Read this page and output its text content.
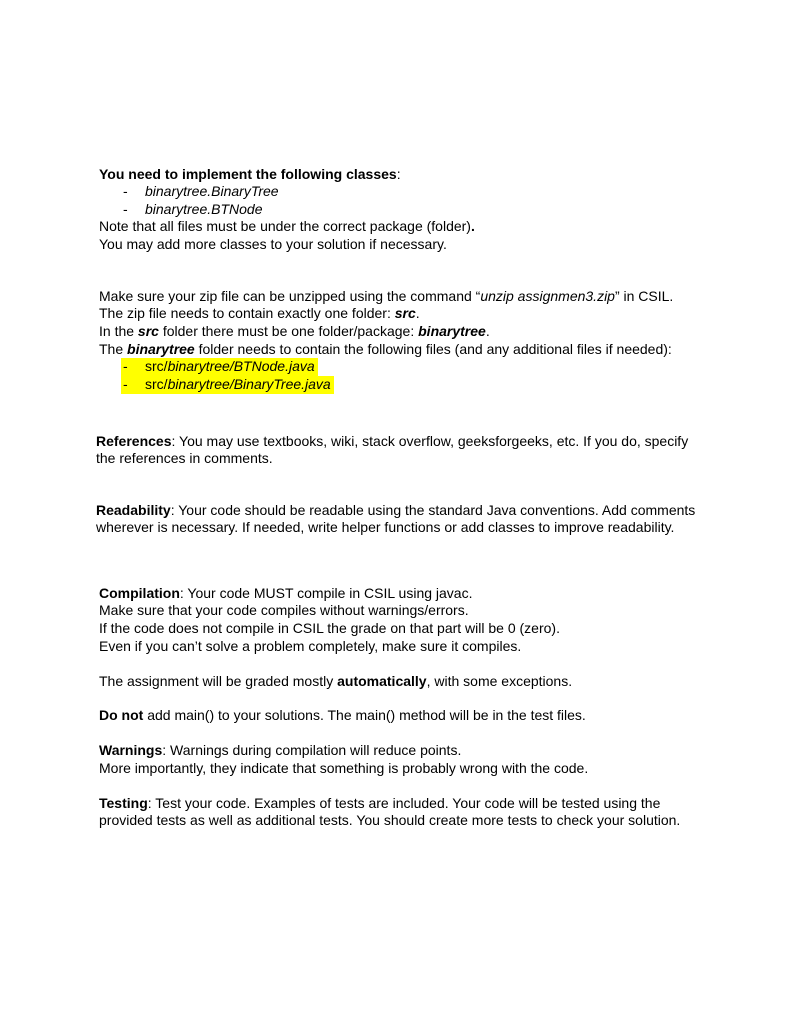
You need to implement the following classes:
- binarytree.BinaryTree
- binarytree.BTNode
Note that all files must be under the correct package (folder).
You may add more classes to your solution if necessary.
Make sure your zip file can be unzipped using the command “unzip assignmen3.zip” in CSIL.
The zip file needs to contain exactly one folder: src.
In the src folder there must be one folder/package: binarytree.
The binarytree folder needs to contain the following files (and any additional files if needed):
- src/binarytree/BTNode.java
- src/binarytree/BinaryTree.java
References: You may use textbooks, wiki, stack overflow, geeksforgeeks, etc. If you do, specify
the references in comments.
Readability: Your code should be readable using the standard Java conventions. Add comments
wherever is necessary. If needed, write helper functions or add classes to improve readability.
Compilation: Your code MUST compile in CSIL using javac.
Make sure that your code compiles without warnings/errors.
If the code does not compile in CSIL the grade on that part will be 0 (zero).
Even if you can’t solve a problem completely, make sure it compiles.
The assignment will be graded mostly automatically, with some exceptions.
Do not add main() to your solutions. The main() method will be in the test files.
Warnings: Warnings during compilation will reduce points.
More importantly, they indicate that something is probably wrong with the code.
Testing: Test your code. Examples of tests are included. Your code will be tested using the
provided tests as well as additional tests. You should create more tests to check your solution.
